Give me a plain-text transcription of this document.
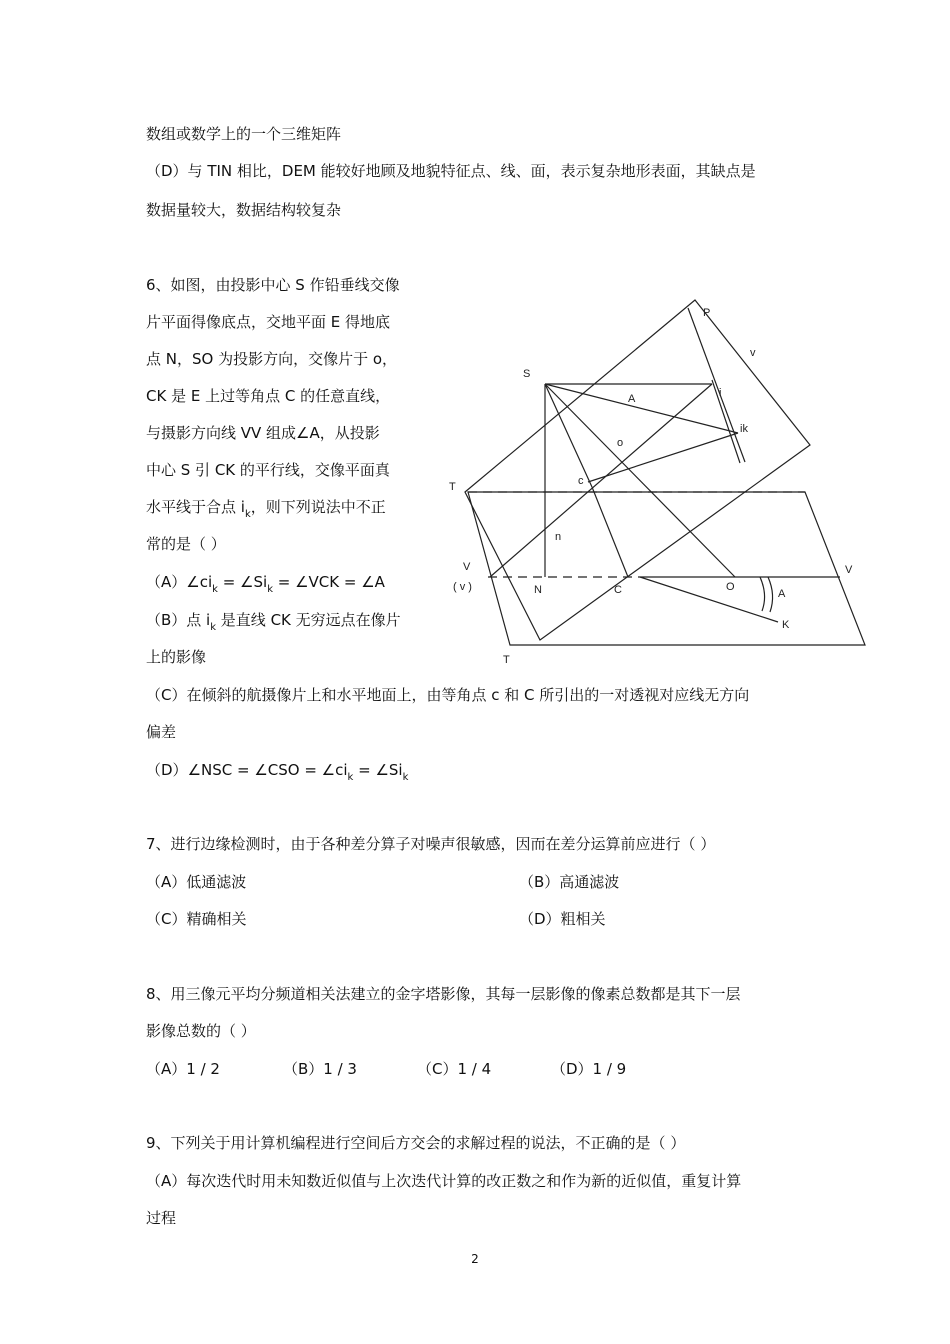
数组或数学上的一个三维矩阵
（D）与 TIN 相比，DEM 能较好地顾及地貌特征点、线、面，表示复杂地形表面，其缺点是
数据量较大，数据结构较复杂
6、如图，由投影中心 S 作铅垂线交像
片平面得像底点，交地平面 E 得地底
点 N，SO 为投影方向，交像片于 o，
CK 是 E 上过等角点 C 的任意直线，
与摄影方向线 VV 组成∠A，从投影
中心 S 引 CK 的平行线，交像平面真
水平线于合点 $i_k$，则下列说法中不正
常的是（ ）
$(A)\angle ci_k$ = $\angle Si_k$ = ∠VCK = ∠A
（B）点 $i_k$ 是直线 CK 无穷远点在像片
上的影像
（C）在倾斜的航摄像片上和水平地面上，由等角点 c 和 C 所引出的一对透视对应线无方向
偏差
（D）∠NSC = ∠CSO = $\angle ci_k$ = $\angle Si_k$
S
P
v
i
ik
A
o
c
T
n
V
( v )	N	C	O
V
A
K
T
7、进行边缘检测时，由于各种差分算子对噪声很敏感，因而在差分运算前应进行（ ）
（A）低通滤波	（B）高通滤波
（C）精确相关	（D）粗相关
8、用三像元平均分频道相关法建立的金字塔影像，其每一层影像的像素总数都是其下一层
影像总数的（ ）
（A）1 / 2	（B）1 / 3	（C）1 / 4	（D）1 / 9
9、下列关于用计算机编程进行空间后方交会的求解过程的说法，不正确的是（ ）
（A）每次迭代时用未知数近似值与上次迭代计算的改正数之和作为新的近似值，重复计算
过程
2
